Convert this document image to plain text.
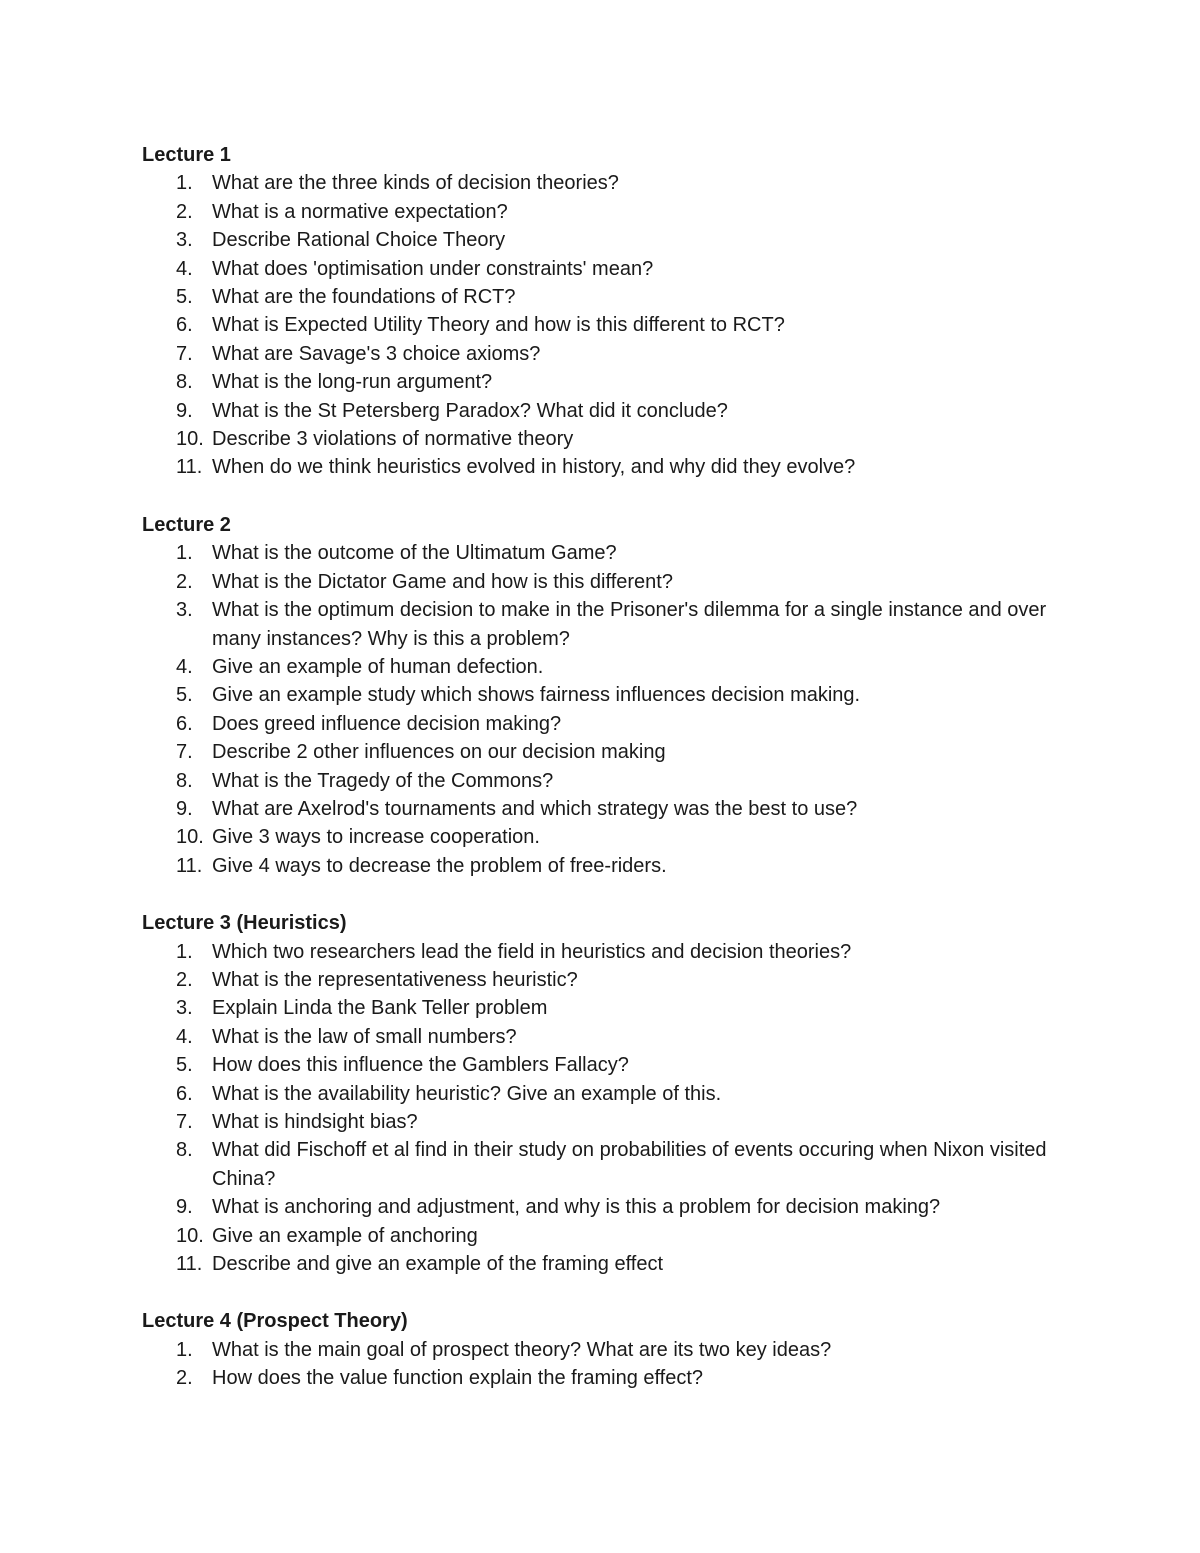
Lecture 1
1. What are the three kinds of decision theories?
2. What is a normative expectation?
3. Describe Rational Choice Theory
4. What does 'optimisation under constraints' mean?
5. What are the foundations of RCT?
6. What is Expected Utility Theory and how is this different to RCT?
7. What are Savage's 3 choice axioms?
8. What is the long-run argument?
9. What is the St Petersberg Paradox? What did it conclude?
10. Describe 3 violations of normative theory
11. When do we think heuristics evolved in history, and why did they evolve?
Lecture 2
1. What is the outcome of the Ultimatum Game?
2. What is the Dictator Game and how is this different?
3. What is the optimum decision to make in the Prisoner's dilemma for a single instance and over many instances? Why is this a problem?
4. Give an example of human defection.
5. Give an example study which shows fairness influences decision making.
6. Does greed influence decision making?
7. Describe 2 other influences on our decision making
8. What is the Tragedy of the Commons?
9. What are Axelrod's tournaments and which strategy was the best to use?
10. Give 3 ways to increase cooperation.
11. Give 4 ways to decrease the problem of free-riders.
Lecture 3 (Heuristics)
1. Which two researchers lead the field in heuristics and decision theories?
2. What is the representativeness heuristic?
3. Explain Linda the Bank Teller problem
4. What is the law of small numbers?
5. How does this influence the Gamblers Fallacy?
6. What is the availability heuristic? Give an example of this.
7. What is hindsight bias?
8. What did Fischoff et al find in their study on probabilities of events occuring when Nixon visited China?
9. What is anchoring and adjustment, and why is this a problem for decision making?
10. Give an example of anchoring
11. Describe and give an example of the framing effect
Lecture 4 (Prospect Theory)
1. What is the main goal of prospect theory? What are its two key ideas?
2. How does the value function explain the framing effect?
